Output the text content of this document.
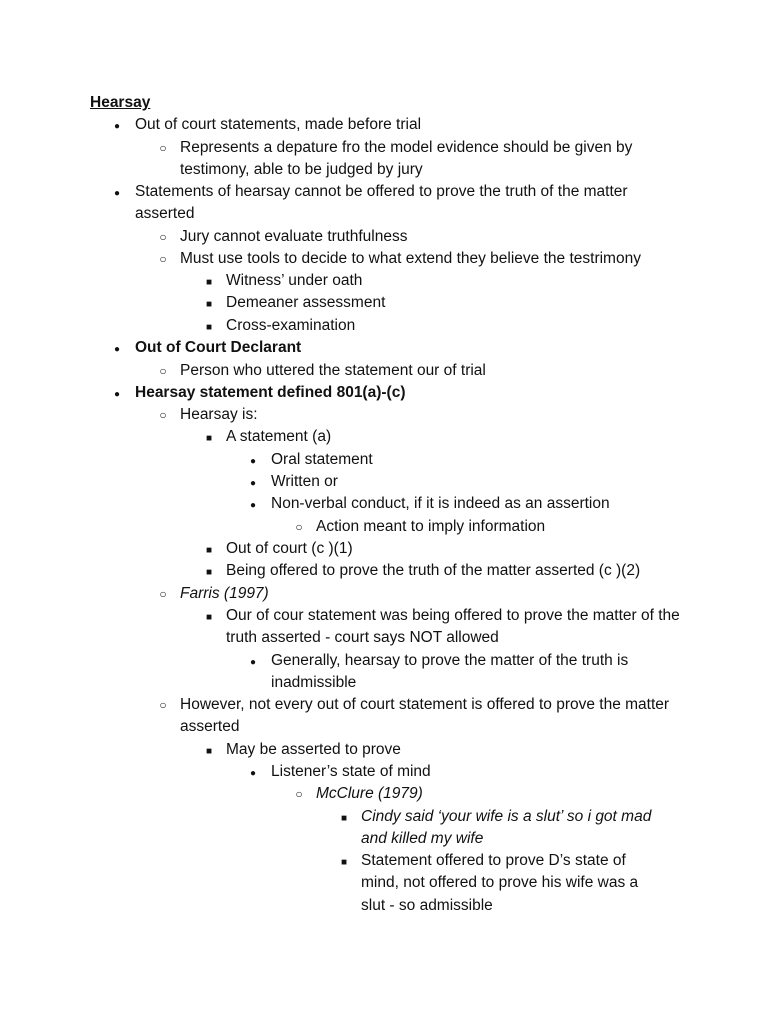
Hearsay
●
Out of court statements, made before trial
○
Represents a depature fro the model evidence should be given by testimony, able to be judged by jury
●
Statements of hearsay cannot be offered to prove the truth of the matter asserted
○
Jury cannot evaluate truthfulness
○
Must use tools to decide to what extend they believe the testrimony
■
Witness’ under oath
■
Demeaner assessment
■
Cross-examination
●
Out of Court Declarant
○
Person who uttered the statement our of trial
●
Hearsay statement defined 801(a)-(c)
○
Hearsay is:
■
A statement (a)
●
Oral statement
●
Written or
●
Non-verbal conduct, if it is indeed as an assertion
○
Action meant to imply information
■
Out of court (c )(1)
■
Being offered to prove the truth of the matter asserted (c )(2)
○
Farris (1997)
■
Our of cour statement was being offered to prove the matter of the truth asserted - court says NOT allowed
●
Generally, hearsay to prove the matter of the truth is inadmissible
○
However, not every out of court statement is offered to prove the matter asserted
■
May be asserted to prove
●
Listener’s state of mind
○
McClure (1979)
■
Cindy said ‘your wife is a slut’ so i got mad and killed my wife
■
Statement offered to prove D’s state of mind, not offered to prove his wife was a slut - so admissible
